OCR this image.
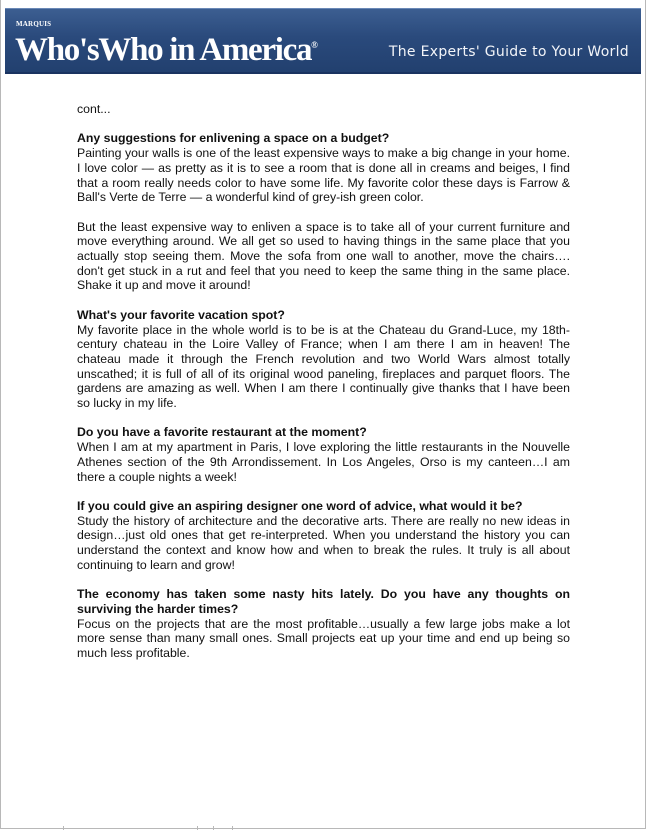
MARQUIS
Who'sWho in America®	The Experts' Guide to Your World

cont...

Any suggestions for enlivening a space on a budget?

Painting your walls is one of the least expensive ways to make a big change in your home. I love color — as pretty as it is to see a room that is done all in creams and beiges, I find that a room really needs color to have some life. My favorite color these days is Farrow & Ball's Verte de Terre — a wonderful kind of grey-ish green color.

But the least expensive way to enliven a space is to take all of your current furniture and move everything around. We all get so used to having things in the same place that you actually stop seeing them. Move the sofa from one wall to another, move the chairs…. don't get stuck in a rut and feel that you need to keep the same thing in the same place. Shake it up and move it around!

What's your favorite vacation spot?

My favorite place in the whole world is to be is at the Chateau du Grand-Luce, my 18th-century chateau in the Loire Valley of France; when I am there I am in heaven! The chateau made it through the French revolution and two World Wars almost totally unscathed; it is full of all of its original wood paneling, fireplaces and parquet floors. The gardens are amazing as well. When I am there I continually give thanks that I have been so lucky in my life.

Do you have a favorite restaurant at the moment?

When I am at my apartment in Paris, I love exploring the little restaurants in the Nouvelle Athenes section of the 9th Arrondissement. In Los Angeles, Orso is my canteen…I am there a couple nights a week!

If you could give an aspiring designer one word of advice, what would it be?

Study the history of architecture and the decorative arts. There are really no new ideas in design…just old ones that get re-interpreted. When you understand the history you can understand the context and know how and when to break the rules. It truly is all about continuing to learn and grow!

The economy has taken some nasty hits lately. Do you have any thoughts on surviving the harder times?

Focus on the projects that are the most profitable…usually a few large jobs make a lot more sense than many small ones. Small projects eat up your time and end up being so much less profitable.
